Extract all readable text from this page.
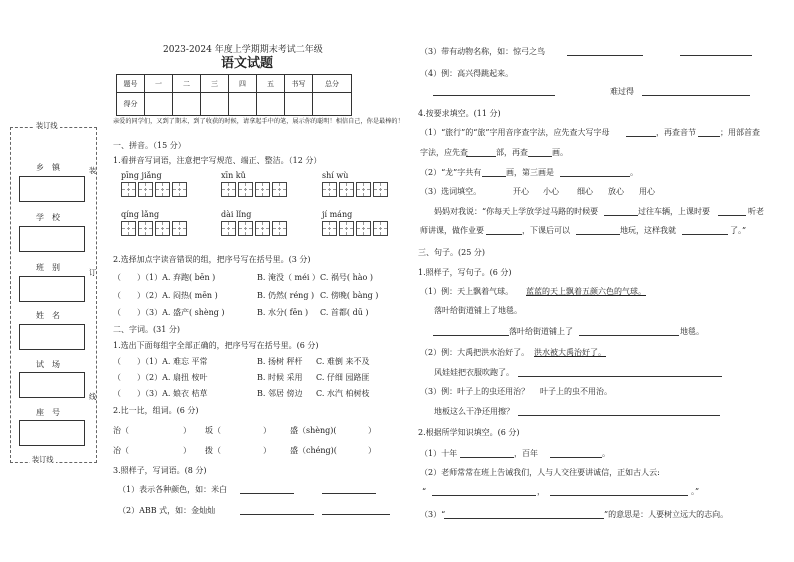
装订线
装订线
乡　镇
学　校
班　别
姓　名
试　场
座　号
装
订
线
2023-2024 年度上学期期末考试二年级
语文试题
题号	一	二	三	四	五	书写	总分
得分							
亲爱的同学们，又到了期末，到了收获的时候，请拿起手中的笔，展示你的聪明！相信自己，你是最棒的！
一、拼音。（15 分）
1.看拼音写词语，注意把字写规范、端正、整洁。（12 分）
pīng jiǎng	xīn kǔ	shí wù
qíng lǎng	dài lǐng	jí máng
2.选择加点字读音错误的组，把序号写在括号里。(3 分)
（　　）（1）A. 弃跑( bēn )	B. 淹没（ méi ） C. 祸号( hào )
（　　）（2）A. 闷热( mēn )	B. 仍然( réng ) C. 傍晚( bàng )
（　　）（3）A. 盛产( shèng )	B. 水分( fēn ) C. 首都( dū )
二、字词。(31 分)
1.选出下面每组字全部正确的，把序号写在括号里。(6 分)
（　　）（1）A. 难忘 平常	B. 扬树 秤杆 C. 难倒 来不及
（　　）（2）A. 扇扭 桉叶	B. 时候 采用 C. 仔细 园路匪
（　　）（3）A. 娘衣 桔草	B. 邻居 傍边 C. 水汽 柏树枝
2.比一比，组词。(6 分)
治（	） 坂（	） 盛（shèng)(	）
冶（	） 拨（	） 盛（chéng)(	）
3.照样子，写词语。(8 分)
（1）表示各种颜色，如：米白
（2）ABB 式，如：金灿灿
（3）带有动物名称，如：惊弓之鸟
（4）例：高兴得跳起来。
难过得
4.按要求填空。(11 分)
（1）“旅行”的“旅”字用音序查字法，应先查大写字母	，再查音节	；用部首查
字法，应先查	部，再查	画。
（2）“龙”字共有	画，第三画是	。
（3）选词填空。	开心 小心 细心 放心 用心
妈妈对我说：“你每天上学放学过马路的时候要	过往车辆，上课时要	听老
师讲课，做作业要	，下课后可以	地玩，这样我就	了。”
三、句子。(25 分)
1.照样子，写句子。(6 分)
（1）例：天上飘着气球。 蓝蓝的天上飘着五颜六色的气球。
落叶给街道铺上了地毯。
落叶给街道铺上了	地毯。
（2）例：大禹把洪水治好了。 洪水被大禹治好了。
风娃娃把衣服吹跑了。
（3）例：叶子上的虫还用治？ 叶子上的虫不用治。
地板这么干净还用擦？
2.根据所学知识填空。(6 分)
（1）十年	，百年	。
（2）老师常常在班上告诫我们，人与人交往要讲诚信，正如古人云:
“	，	。”
（3）“	”的意思是：人要树立远大的志向。
